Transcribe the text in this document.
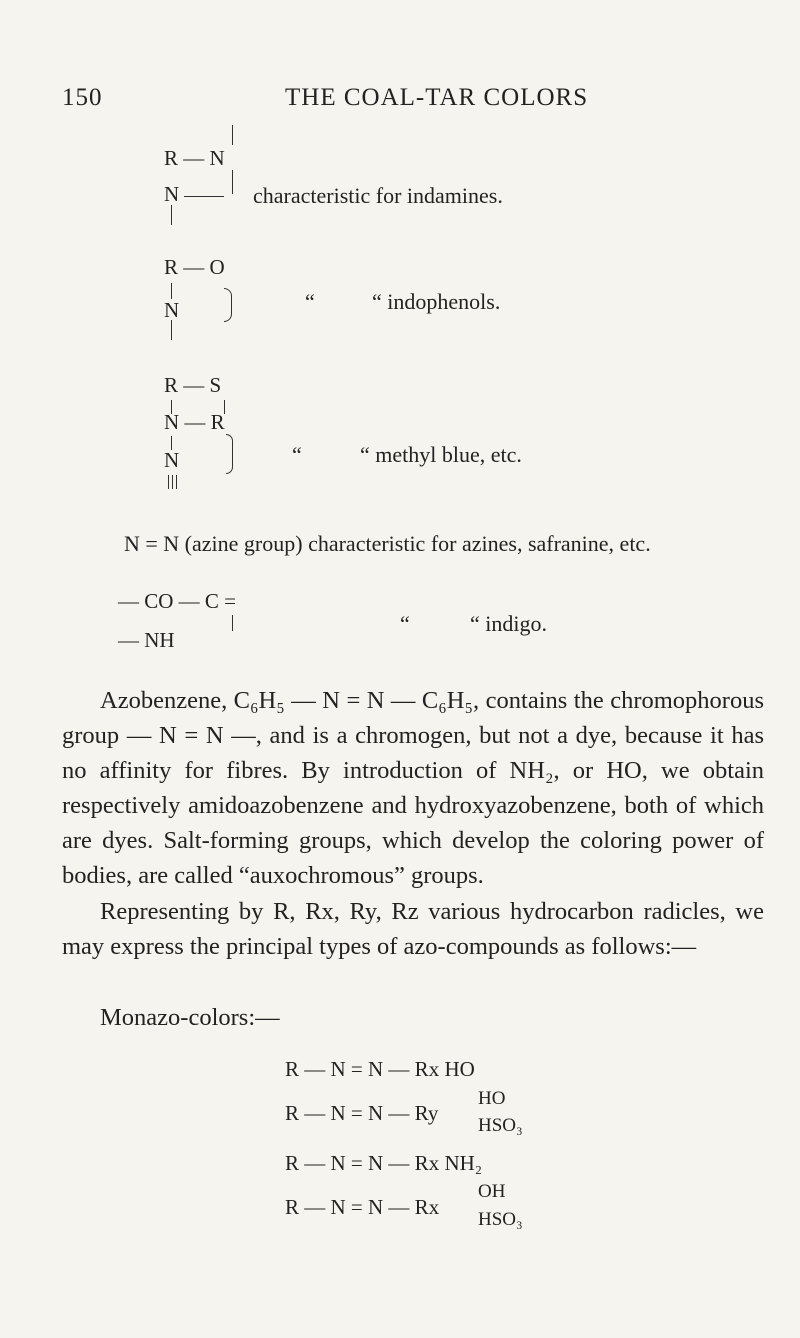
150	THE COAL-TAR COLORS
R — N
N	characteristic for indamines.
R — O
N	“	“ indophenols.
R — S
N — R
N	“	“ methyl blue, etc.
N = N (azine group) characteristic for azines, safranine, etc.
— CO — C =
— NH
“	“ indigo.
Azobenzene, C₆H₅ — N = N — C₆H₅, contains the chromophorous group — N = N —, and is a chromogen, but not a dye, because it has no affinity for fibres. By introduction of NH₂, or HO, we obtain respectively amidoazobenzene and hydroxyazobenzene, both of which are dyes. Salt-forming groups, which develop the coloring power of bodies, are called “auxochromous” groups.
Representing by R, Rx, Ry, Rz various hydrocarbon radicles, we may express the principal types of azo-compounds as follows:—
Monazo-colors:—
R — N = N — Rx HO
R — N = N — Ry
HO
HSO₃
R — N = N — Rx NH₂
R — N = N — Rx
OH
HSO₃
